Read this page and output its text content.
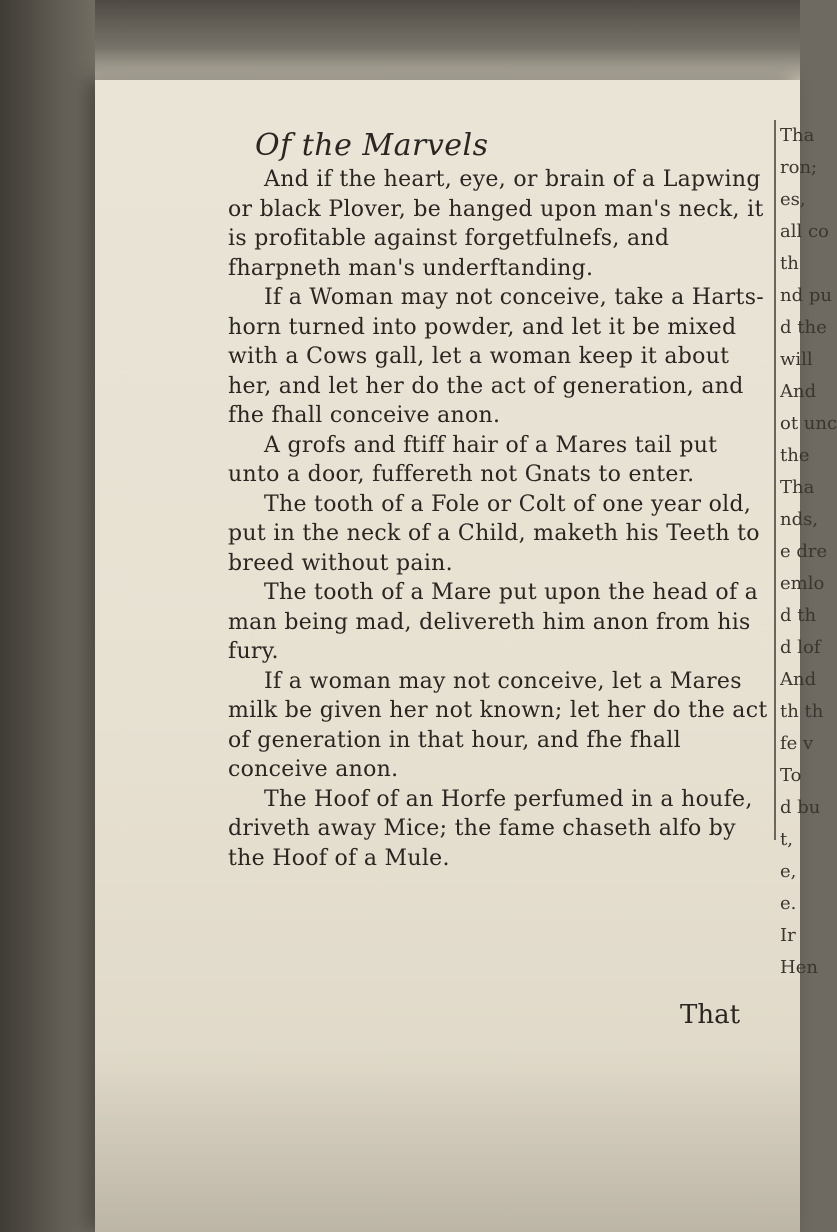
Of the Marvels

And if the heart, eye, or brain of a Lapwing or black Plover, be hanged upon man's neck, it is profitable against forgetfulnefs, and fharpneth man's underftanding.

If a Woman may not conceive, take a Harts-horn turned into powder, and let it be mixed with a Cows gall, let a woman keep it about her, and let her do the act of generation, and fhe fhall conceive anon.

A grofs and ftiff hair of a Mares tail put unto a door, fuffereth not Gnats to enter.

The tooth of a Fole or Colt of one year old, put in the neck of a Child, maketh his Teeth to breed without pain.

The tooth of a Mare put upon the head of a man being mad, delivereth him anon from his fury.

If a woman may not conceive, let a Mares milk be given her not known; let her do the act of generation in that hour, and fhe fhall conceive anon.

The Hoof of an Horfe perfumed in a houfe, driveth away Mice; the fame chaseth alfo by the Hoof of a Mule.

That
Tha
ron;
es,
all co
th
nd pu
d the
will
And
ot unc
the
Tha
nds,
e dre
emlo
d th
d lof
And
th th
fe v
To
d bu
t,
e,
e.
Ir
Hen
